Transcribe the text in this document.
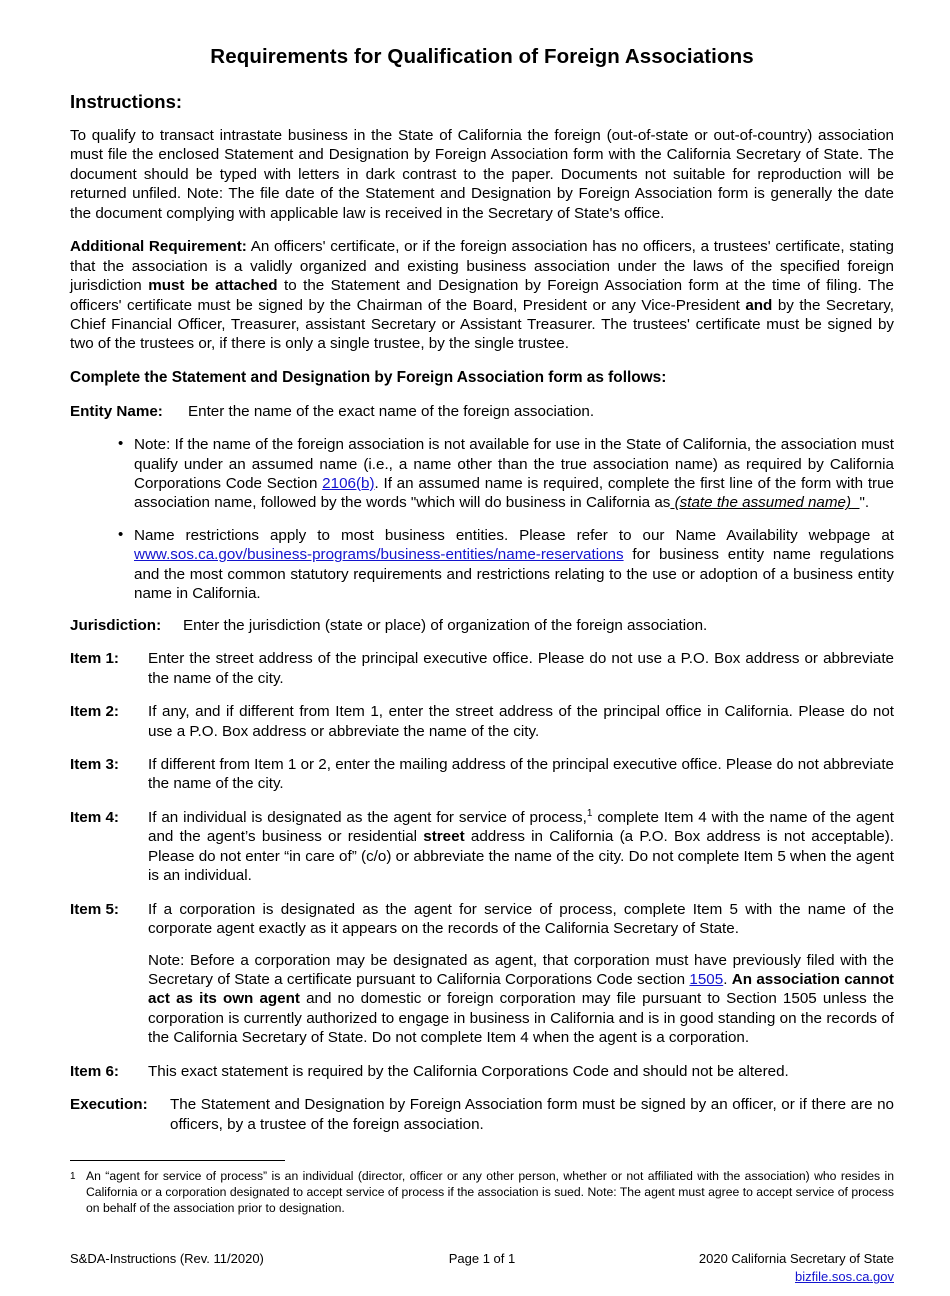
Requirements for Qualification of Foreign Associations
Instructions:

To qualify to transact intrastate business in the State of California the foreign (out-of-state or out-of-country) association must file the enclosed Statement and Designation by Foreign Association form with the California Secretary of State. The document should be typed with letters in dark contrast to the paper. Documents not suitable for reproduction will be returned unfiled. Note: The file date of the Statement and Designation by Foreign Association form is generally the date the document complying with applicable law is received in the Secretary of State's office.

Additional Requirement: An officers' certificate, or if the foreign association has no officers, a trustees' certificate, stating that the association is a validly organized and existing business association under the laws of the specified foreign jurisdiction must be attached to the Statement and Designation by Foreign Association form at the time of filing. The officers' certificate must be signed by the Chairman of the Board, President or any Vice-President and by the Secretary, Chief Financial Officer, Treasurer, assistant Secretary or Assistant Treasurer. The trustees' certificate must be signed by two of the trustees or, if there is only a single trustee, by the single trustee.

Complete the Statement and Designation by Foreign Association form as follows:
Entity Name:	Enter the name of the exact name of the foreign association.
• Note: If the name of the foreign association is not available for use in the State of California, the association must qualify under an assumed name (i.e., a name other than the true association name) as required by California Corporations Code Section 2106(b). If an assumed name is required, complete the first line of the form with true association name, followed by the words "which will do business in California as (state the assumed name) ".
• Name restrictions apply to most business entities. Please refer to our Name Availability webpage at www.sos.ca.gov/business-programs/business-entities/name-reservations for business entity name regulations and the most common statutory requirements and restrictions relating to the use or adoption of a business entity name in California.
Jurisdiction:	Enter the jurisdiction (state or place) of organization of the foreign association.
Item 1:	Enter the street address of the principal executive office. Please do not use a P.O. Box address or abbreviate the name of the city.
Item 2:	If any, and if different from Item 1, enter the street address of the principal office in California. Please do not use a P.O. Box address or abbreviate the name of the city.
Item 3:	If different from Item 1 or 2, enter the mailing address of the principal executive office. Please do not abbreviate the name of the city.
Item 4:	If an individual is designated as the agent for service of process,$^1$ complete Item 4 with the name of the agent and the agent’s business or residential street address in California (a P.O. Box address is not acceptable). Please do not enter “in care of” (c/o) or abbreviate the name of the city. Do not complete Item 5 when the agent is an individual.
Item 5:	If a corporation is designated as the agent for service of process, complete Item 5 with the name of the corporate agent exactly as it appears on the records of the California Secretary of State.
Note: Before a corporation may be designated as agent, that corporation must have previously filed with the Secretary of State a certificate pursuant to California Corporations Code section 1505. An association cannot act as its own agent and no domestic or foreign corporation may file pursuant to Section 1505 unless the corporation is currently authorized to engage in business in California and is in good standing on the records of the California Secretary of State. Do not complete Item 4 when the agent is a corporation.
Item 6:	This exact statement is required by the California Corporations Code and should not be altered.
Execution:	The Statement and Designation by Foreign Association form must be signed by an officer, or if there are no officers, by a trustee of the foreign association.
1 An “agent for service of process” is an individual (director, officer or any other person, whether or not affiliated with the association) who resides in California or a corporation designated to accept service of process if the association is sued. Note: The agent must agree to accept service of process on behalf of the association prior to designation.
S&DA-Instructions (Rev. 11/2020)	Page 1 of 1	2020 California Secretary of State
bizfile.sos.ca.gov
